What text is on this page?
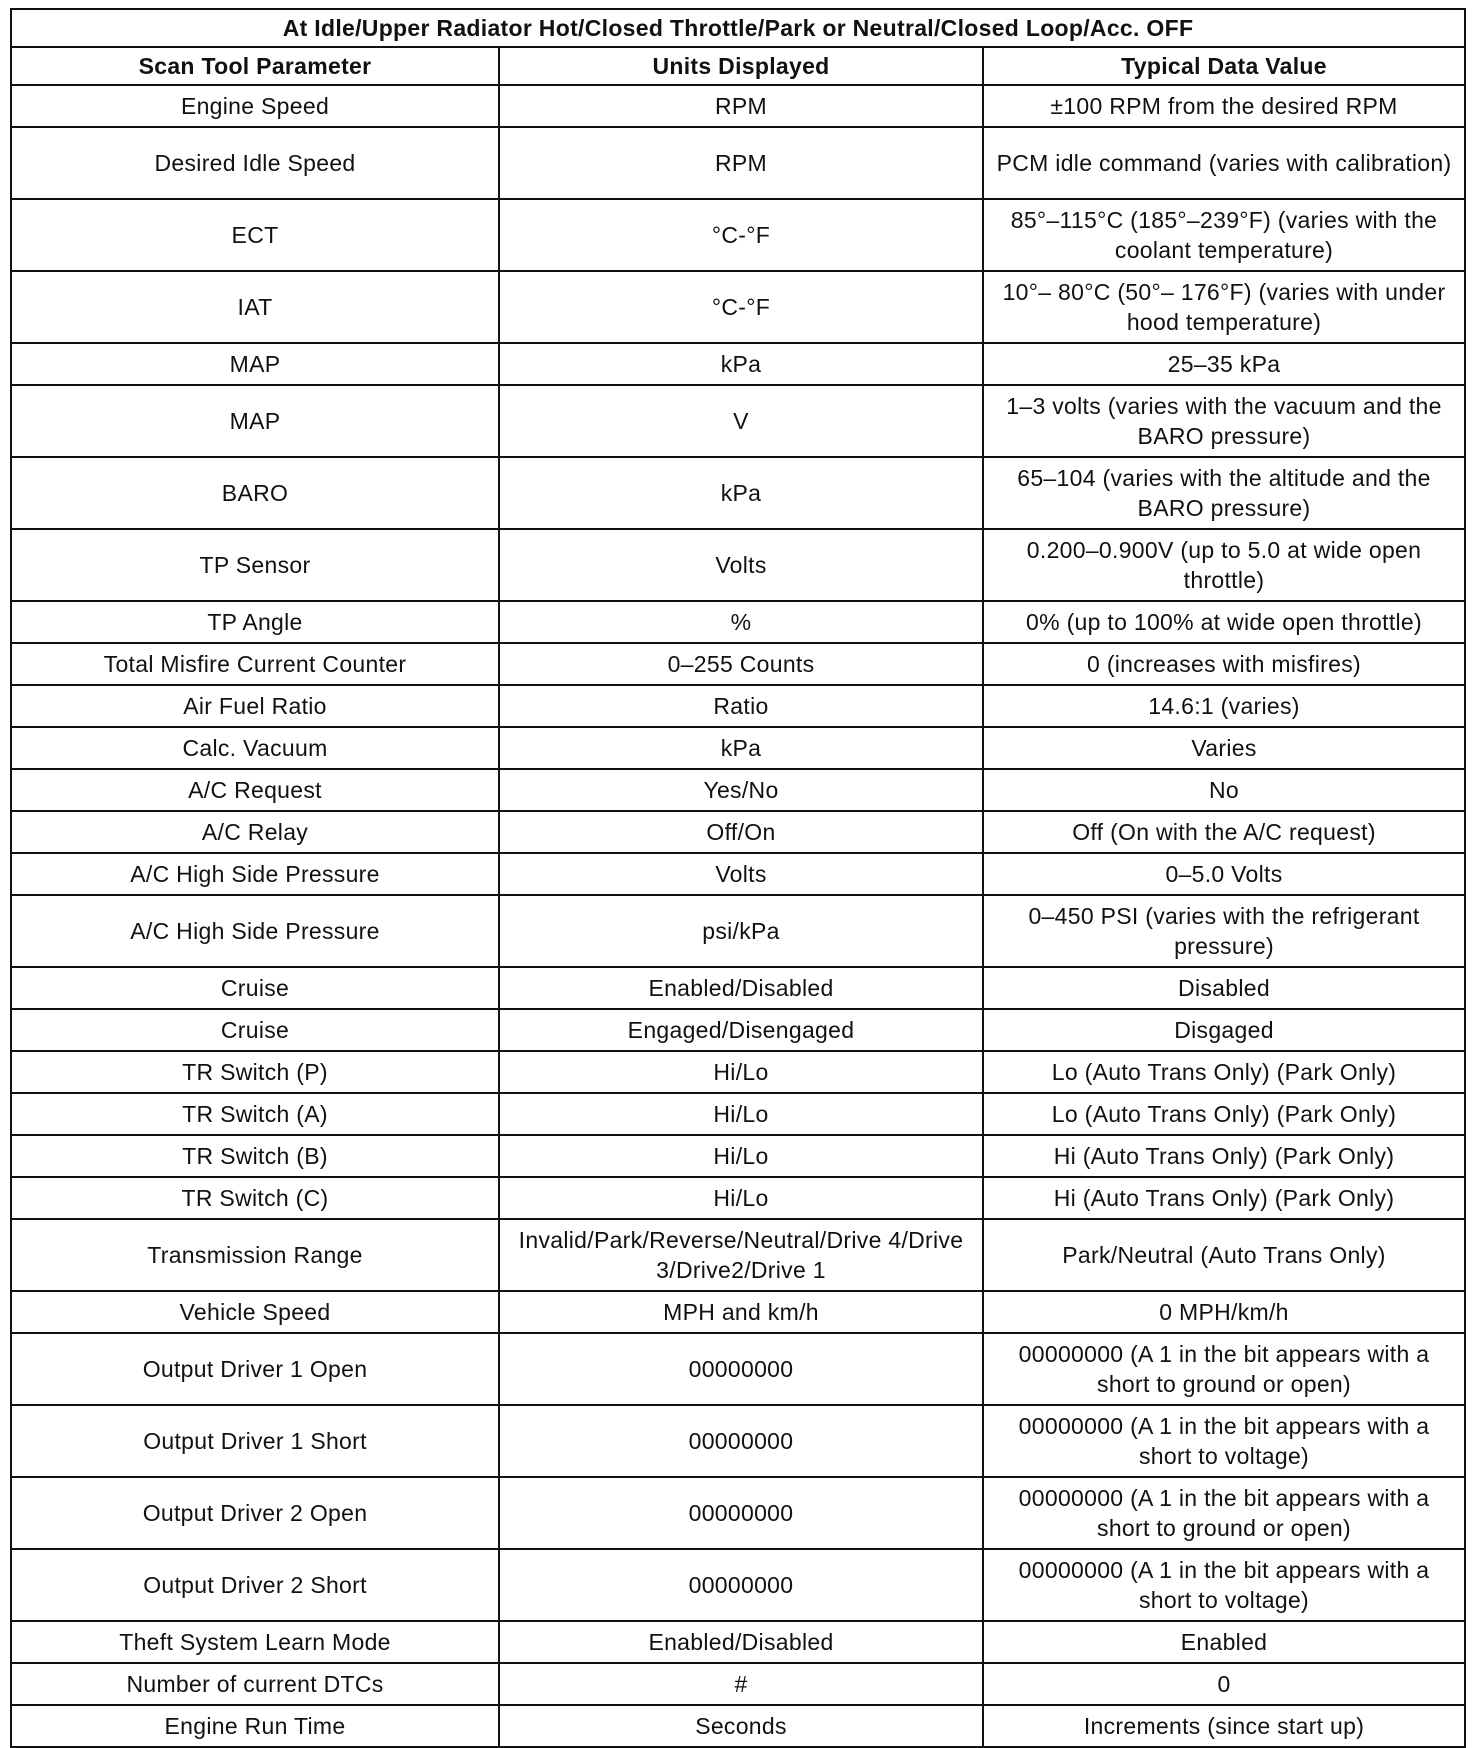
At Idle/Upper Radiator Hot/Closed Throttle/Park or Neutral/Closed Loop/Acc. OFF		
Scan Tool Parameter	Units Displayed	Typical Data Value
Engine Speed	RPM	±100 RPM from the desired RPM
Desired Idle Speed	RPM	PCM idle command (varies with calibration)
ECT	°C-°F	85°–115°C (185°–239°F) (varies with the coolant temperature)
IAT	°C-°F	10°– 80°C (50°– 176°F) (varies with under hood temperature)
MAP	kPa	25–35 kPa
MAP	V	1–3 volts (varies with the vacuum and the BARO pressure)
BARO	kPa	65–104 (varies with the altitude and the BARO pressure)
TP Sensor	Volts	0.200–0.900V (up to 5.0 at wide open throttle)
TP Angle	%	0% (up to 100% at wide open throttle)
Total Misfire Current Counter	0–255 Counts	0 (increases with misfires)
Air Fuel Ratio	Ratio	14.6:1 (varies)
Calc. Vacuum	kPa	Varies
A/C Request	Yes/No	No
A/C Relay	Off/On	Off (On with the A/C request)
A/C High Side Pressure	Volts	0–5.0 Volts
A/C High Side Pressure	psi/kPa	0–450 PSI (varies with the refrigerant pressure)
Cruise	Enabled/Disabled	Disabled
Cruise	Engaged/Disengaged	Disgaged
TR Switch (P)	Hi/Lo	Lo (Auto Trans Only) (Park Only)
TR Switch (A)	Hi/Lo	Lo (Auto Trans Only) (Park Only)
TR Switch (B)	Hi/Lo	Hi (Auto Trans Only) (Park Only)
TR Switch (C)	Hi/Lo	Hi (Auto Trans Only) (Park Only)
Transmission Range	Invalid/Park/Reverse/Neutral/Drive 4/Drive 3/Drive2/Drive 1	Park/Neutral (Auto Trans Only)
Vehicle Speed	MPH and km/h	0 MPH/km/h
Output Driver 1 Open	00000000	00000000 (A 1 in the bit appears with a short to ground or open)
Output Driver 1 Short	00000000	00000000 (A 1 in the bit appears with a short to voltage)
Output Driver 2 Open	00000000	00000000 (A 1 in the bit appears with a short to ground or open)
Output Driver 2 Short	00000000	00000000 (A 1 in the bit appears with a short to voltage)
Theft System Learn Mode	Enabled/Disabled	Enabled
Number of current DTCs	#	0
Engine Run Time	Seconds	Increments (since start up)
